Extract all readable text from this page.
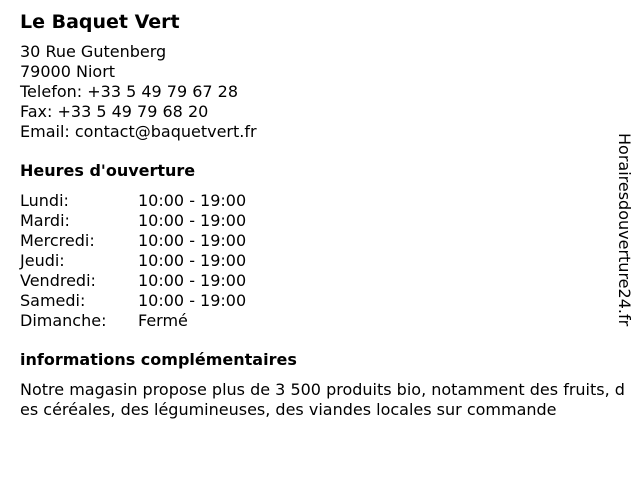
Le Baquet Vert
30 Rue Gutenberg
79000 Niort
Telefon: +33 5 49 79 67 28
Fax: +33 5 49 79 68 20
Email: contact@baquetvert.fr
Heures d'ouverture
Lundi:	10:00 - 19:00
Mardi:	10:00 - 19:00
Mercredi:	10:00 - 19:00
Jeudi:	10:00 - 19:00
Vendredi:	10:00 - 19:00
Samedi:	10:00 - 19:00
Dimanche:	Fermé
informations complémentaires
Notre magasin propose plus de 3 500 produits bio, notamment des fruits, des céréales, des légumineuses, des viandes locales sur commande
Horairesdouverture24.fr
